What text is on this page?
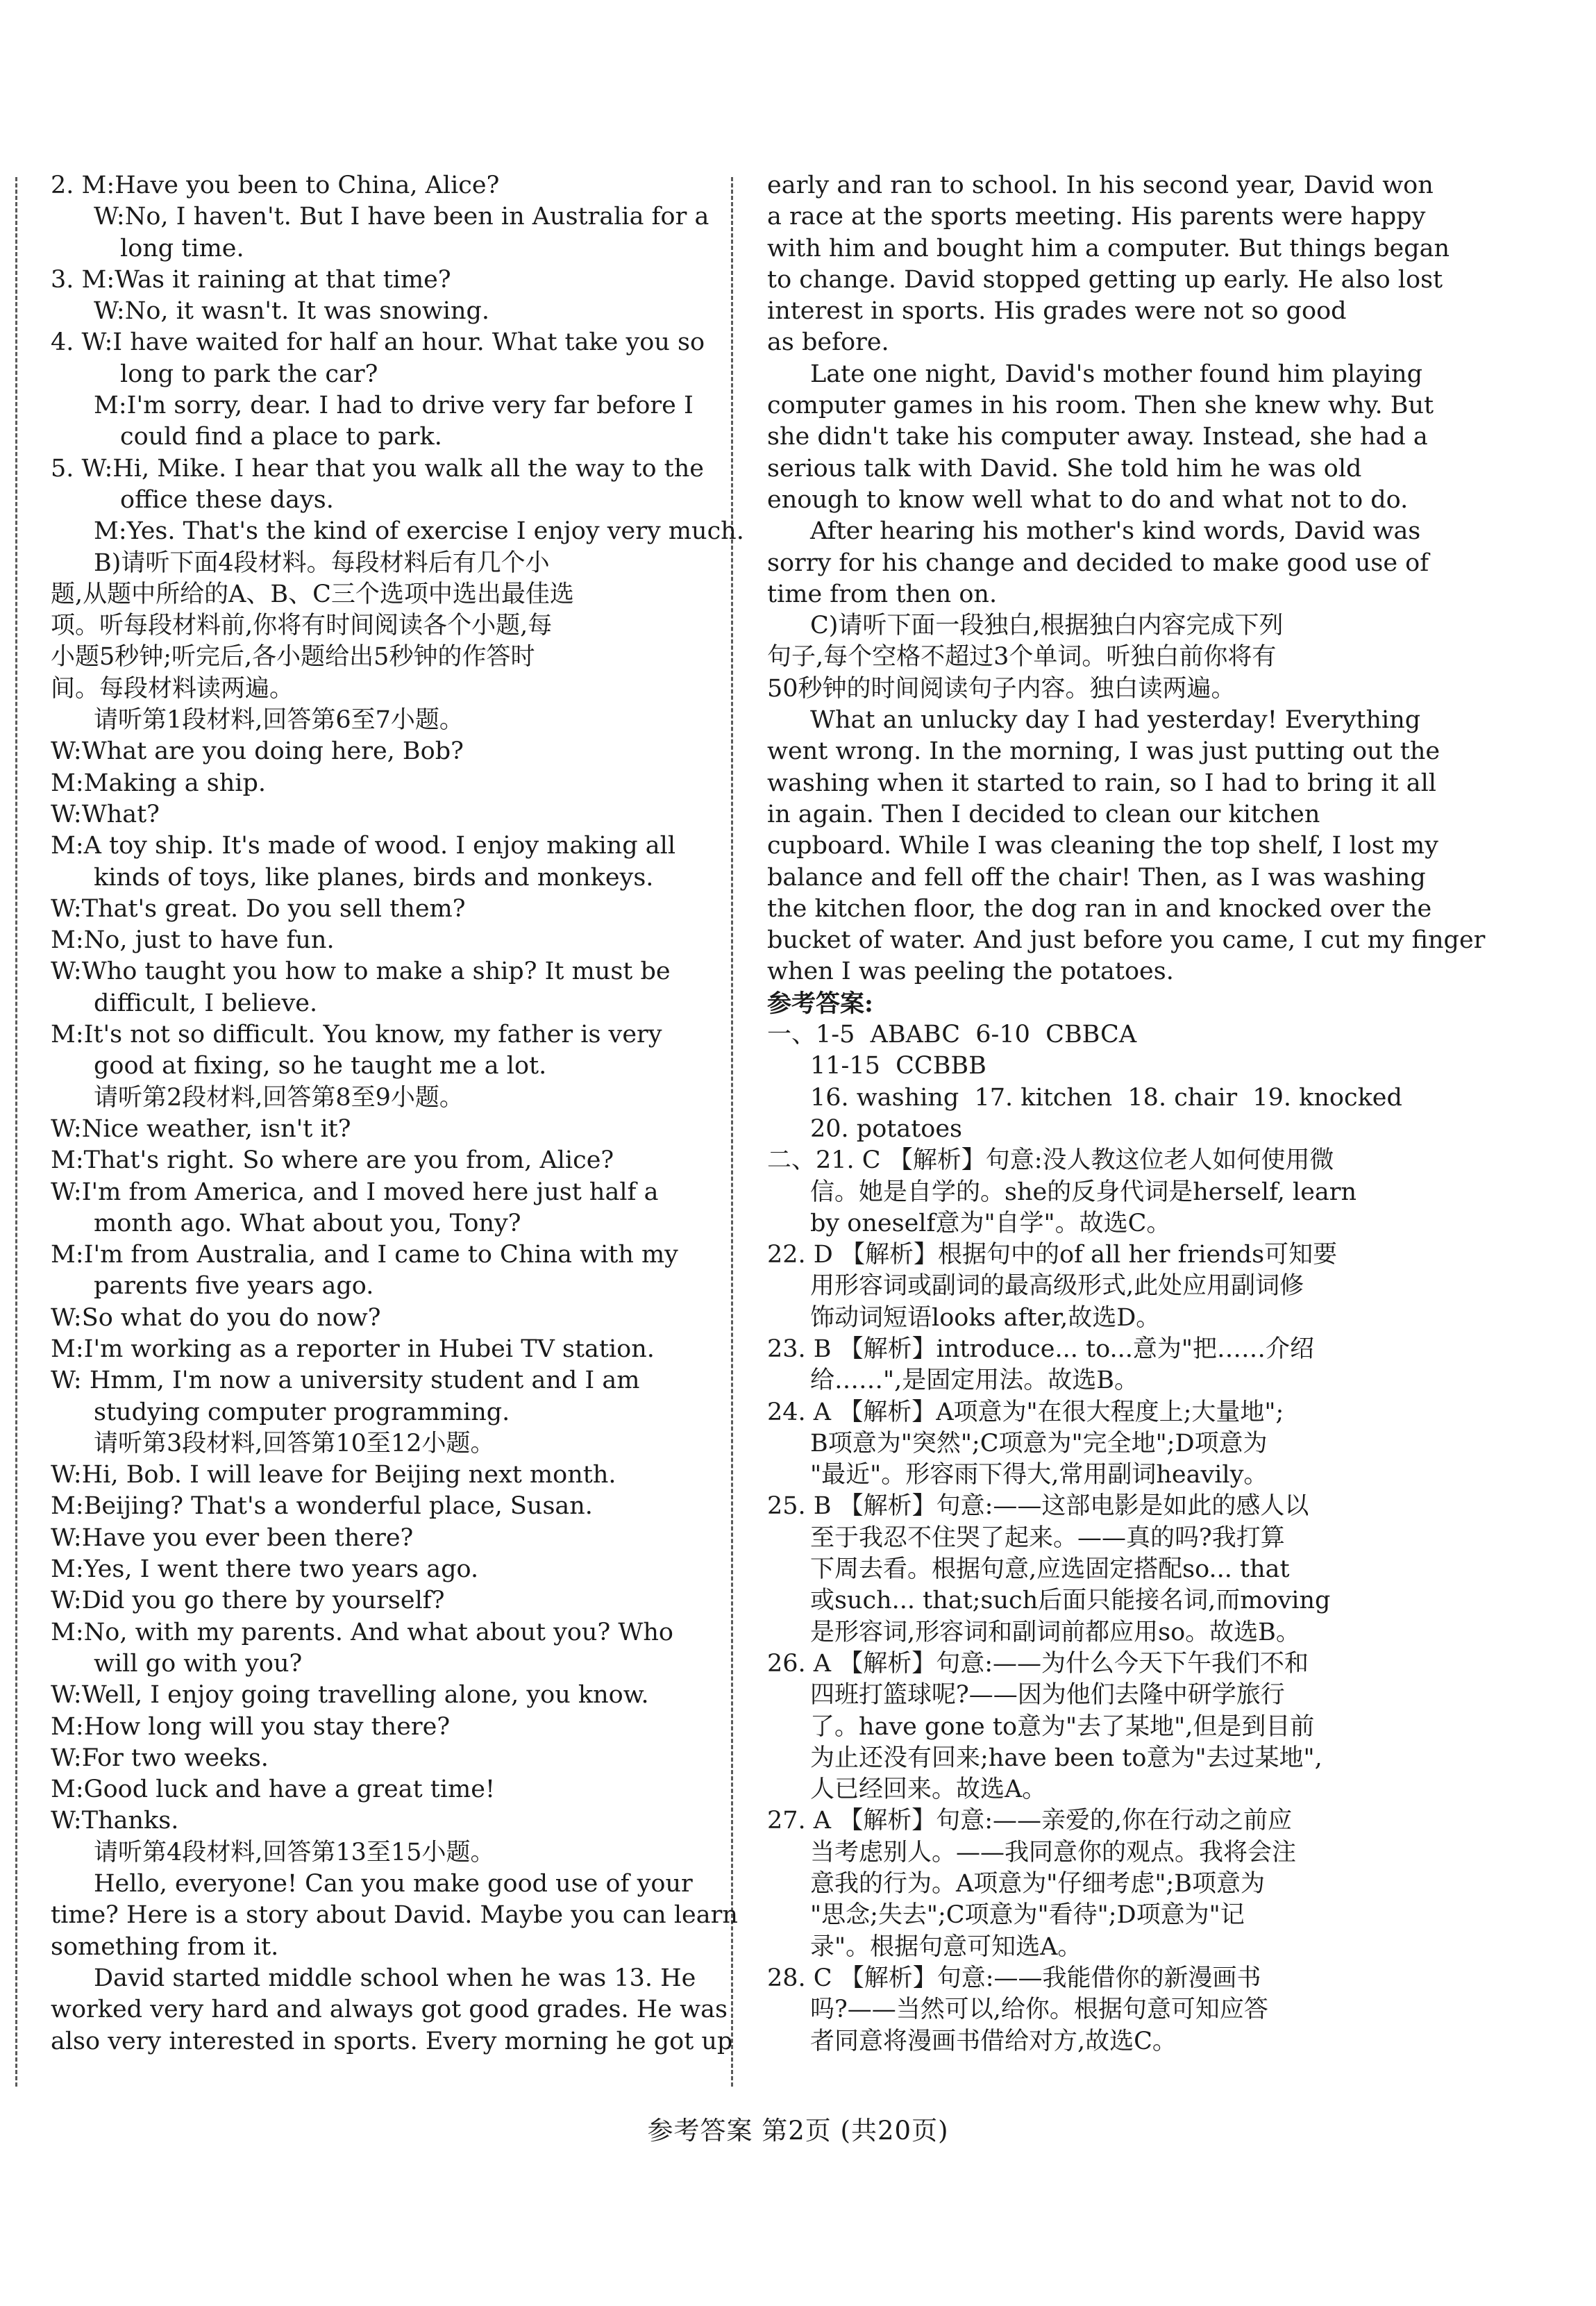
2. M:Have you been to China, Alice?

W:No, I haven't. But I have been in Australia for a

long time.

3. M:Was it raining at that time?

W:No, it wasn't. It was snowing.

4. W:I have waited for half an hour. What take you so

long to park the car?

M:I'm sorry, dear. I had to drive very far before I

could find a place to park.

5. W:Hi, Mike. I hear that you walk all the way to the

office these days.

M:Yes. That's the kind of exercise I enjoy very much.

B)请听下面4段材料。每段材料后有几个小

题,从题中所给的A、B、C三个选项中选出最佳选

项。听每段材料前,你将有时间阅读各个小题,每

小题5秒钟;听完后,各小题给出5秒钟的作答时

间。每段材料读两遍。

请听第1段材料,回答第6至7小题。

W:What are you doing here, Bob?

M:Making a ship.

W:What?

M:A toy ship. It's made of wood. I enjoy making all

kinds of toys, like planes, birds and monkeys.

W:That's great. Do you sell them?

M:No, just to have fun.

W:Who taught you how to make a ship? It must be

difficult, I believe.

M:It's not so difficult. You know, my father is very

good at fixing, so he taught me a lot.

请听第2段材料,回答第8至9小题。

W:Nice weather, isn't it?

M:That's right. So where are you from, Alice?

W:I'm from America, and I moved here just half a

month ago. What about you, Tony?

M:I'm from Australia, and I came to China with my

parents five years ago.

W:So what do you do now?

M:I'm working as a reporter in Hubei TV station.

W: Hmm, I'm now a university student and I am

studying computer programming.

请听第3段材料,回答第10至12小题。

W:Hi, Bob. I will leave for Beijing next month.

M:Beijing? That's a wonderful place, Susan.

W:Have you ever been there?

M:Yes, I went there two years ago.

W:Did you go there by yourself?

M:No, with my parents. And what about you? Who

will go with you?

W:Well, I enjoy going travelling alone, you know.

M:How long will you stay there?

W:For two weeks.

M:Good luck and have a great time!

W:Thanks.

请听第4段材料,回答第13至15小题。

Hello, everyone! Can you make good use of your

time? Here is a story about David. Maybe you can learn

something from it.

David started middle school when he was 13. He

worked very hard and always got good grades. He was

also very interested in sports. Every morning he got up

early and ran to school. In his second year, David won

a race at the sports meeting. His parents were happy

with him and bought him a computer. But things began

to change. David stopped getting up early. He also lost

interest in sports. His grades were not so good

as before.

Late one night, David's mother found him playing

computer games in his room. Then she knew why. But

she didn't take his computer away. Instead, she had a

serious talk with David. She told him he was old

enough to know well what to do and what not to do.

After hearing his mother's kind words, David was

sorry for his change and decided to make good use of

time from then on.

C)请听下面一段独白,根据独白内容完成下列

句子,每个空格不超过3个单词。听独白前你将有

50秒钟的时间阅读句子内容。独白读两遍。

What an unlucky day I had yesterday! Everything

went wrong. In the morning, I was just putting out the

washing when it started to rain, so I had to bring it all

in again. Then I decided to clean our kitchen

cupboard. While I was cleaning the top shelf, I lost my

balance and fell off the chair! Then, as I was washing

the kitchen floor, the dog ran in and knocked over the

bucket of water. And just before you came, I cut my finger

when I was peeling the potatoes.

参考答案:

一、1-5  ABABC  6-10  CBBCA

11-15  CCBBB

16. washing  17. kitchen  18. chair  19. knocked

20. potatoes

二、21. C 【解析】句意:没人教这位老人如何使用微

信。她是自学的。she的反身代词是herself, learn

by oneself意为"自学"。故选C。

22. D 【解析】根据句中的of all her friends可知要

用形容词或副词的最高级形式,此处应用副词修

饰动词短语looks after,故选D。

23. B 【解析】introduce... to...意为"把……介绍

给……",是固定用法。故选B。

24. A 【解析】A项意为"在很大程度上;大量地";

B项意为"突然";C项意为"完全地";D项意为

"最近"。形容雨下得大,常用副词heavily。

25. B 【解析】句意:——这部电影是如此的感人以

至于我忍不住哭了起来。——真的吗?我打算

下周去看。根据句意,应选固定搭配so... that

或such... that;such后面只能接名词,而moving

是形容词,形容词和副词前都应用so。故选B。

26. A 【解析】句意:——为什么今天下午我们不和

四班打篮球呢?——因为他们去隆中研学旅行

了。have gone to意为"去了某地",但是到目前

为止还没有回来;have been to意为"去过某地",

人已经回来。故选A。

27. A 【解析】句意:——亲爱的,你在行动之前应

当考虑别人。——我同意你的观点。我将会注

意我的行为。A项意为"仔细考虑";B项意为

"思念;失去";C项意为"看待";D项意为"记

录"。根据句意可知选A。

28. C 【解析】句意:——我能借你的新漫画书

吗?——当然可以,给你。根据句意可知应答

者同意将漫画书借给对方,故选C。

参考答案 第2页 (共20页)
